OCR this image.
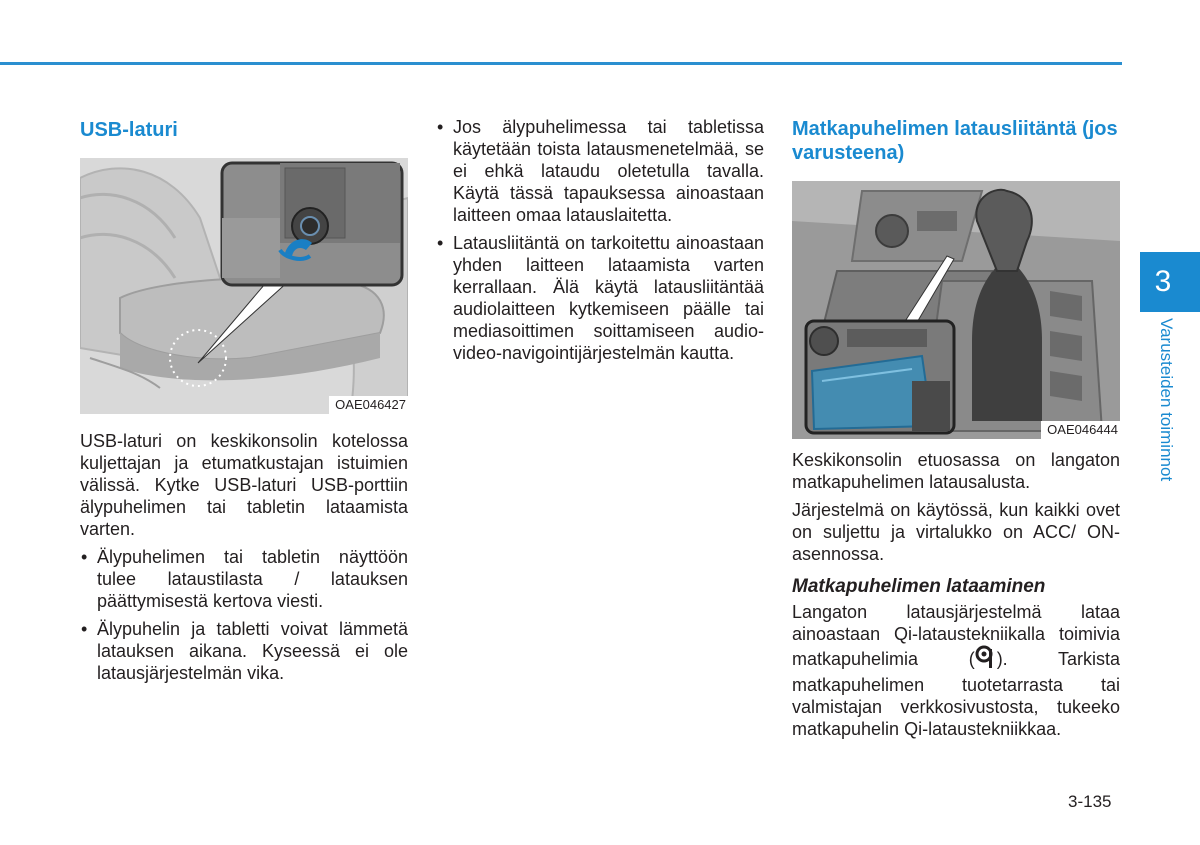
USB-laturi
OAE046427

USB-laturi on keskikonsolin kotelossa kuljettajan ja etumatkustajan istuimien välissä. Kytke USB-laturi USB-porttiin älypuhelimen tai tabletin lataamista varten.

• Älypuhelimen tai tabletin näyttöön tulee lataustilasta / latauksen päättymisestä kertova viesti.
• Älypuhelin ja tabletti voivat lämmetä latauksen aikana. Kyseessä ei ole latausjärjestelmän vika.
• Jos älypuhelimessa tai tabletissa käytetään toista latausmenetelmää, se ei ehkä lataudu oletetulla tavalla. Käytä tässä tapauksessa ainoastaan laitteen omaa latauslaitetta.
• Latausliitäntä on tarkoitettu ainoastaan yhden laitteen lataamista varten kerrallaan. Älä käytä latausliitäntää audiolaitteen kytkemiseen päälle tai mediasoittimen soittamiseen audio-video-navigointijärjestelmän kautta.
Matkapuhelimen latausliitäntä (jos varusteena)
OAE046444

Keskikonsolin etuosassa on langaton matkapuhelimen latausalusta.

Järjestelmä on käytössä, kun kaikki ovet on suljettu ja virtalukko on ACC/ ON-asennossa.

Matkapuhelimen lataaminen

Langaton latausjärjestelmä lataa ainoastaan Qi-lataustekniikalla toimivia matkapuhelimia ( ). Tarkista matkapuhelimen tuotetarrasta tai valmistajan verkkosivustosta, tukeeko matkapuhelin Qi-lataustekniikkaa.

3
Varusteiden toiminnot
3-135
